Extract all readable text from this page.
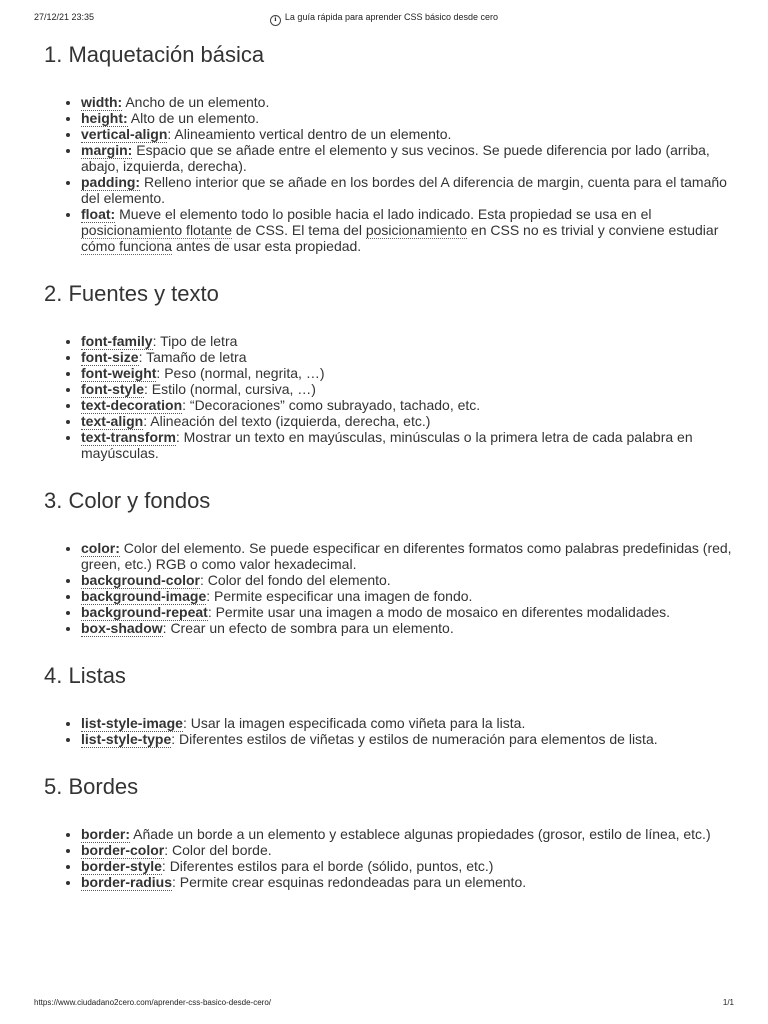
27/12/21 23:35	ℹ La guía rápida para aprender CSS básico desde cero
1. Maquetación básica
• width: Ancho de un elemento.
• height: Alto de un elemento.
• vertical-align: Alineamiento vertical dentro de un elemento.
• margin: Espacio que se añade entre el elemento y sus vecinos. Se puede diferencia por lado (arriba, abajo, izquierda, derecha).
• padding: Relleno interior que se añade en los bordes del A diferencia de margin, cuenta para el tamaño del elemento.
• float: Mueve el elemento todo lo posible hacia el lado indicado. Esta propiedad se usa en el posicionamiento flotante de CSS. El tema del posicionamiento en CSS no es trivial y conviene estudiar cómo funciona antes de usar esta propiedad.
2. Fuentes y texto
• font-family: Tipo de letra
• font-size: Tamaño de letra
• font-weight: Peso (normal, negrita, …)
• font-style: Estilo (normal, cursiva, …)
• text-decoration: “Decoraciones” como subrayado, tachado, etc.
• text-align: Alineación del texto (izquierda, derecha, etc.)
• text-transform: Mostrar un texto en mayúsculas, minúsculas o la primera letra de cada palabra en mayúsculas.
3. Color y fondos
• color: Color del elemento. Se puede especificar en diferentes formatos como palabras predefinidas (red, green, etc.) RGB o como valor hexadecimal.
• background-color: Color del fondo del elemento.
• background-image: Permite especificar una imagen de fondo.
• background-repeat: Permite usar una imagen a modo de mosaico en diferentes modalidades.
• box-shadow: Crear un efecto de sombra para un elemento.
4. Listas
• list-style-image: Usar la imagen especificada como viñeta para la lista.
• list-style-type: Diferentes estilos de viñetas y estilos de numeración para elementos de lista.
5. Bordes
• border: Añade un borde a un elemento y establece algunas propiedades (grosor, estilo de línea, etc.)
• border-color: Color del borde.
• border-style: Diferentes estilos para el borde (sólido, puntos, etc.)
• border-radius: Permite crear esquinas redondeadas para un elemento.
https://www.ciudadano2cero.com/aprender-css-basico-desde-cero/	1/1
